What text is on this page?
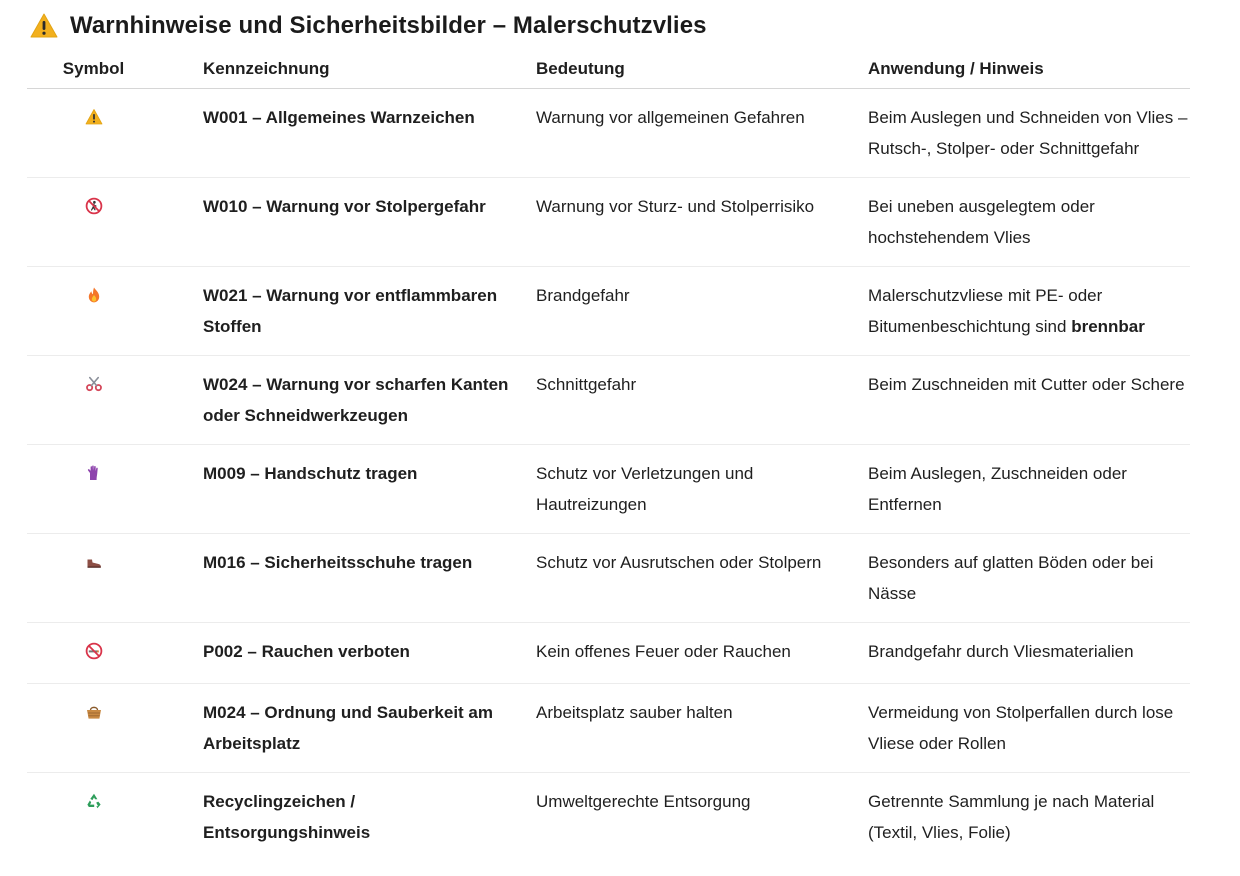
Warnhinweise und Sicherheitsbilder – Malerschutzvlies
Symbol	Kennzeichnung	Bedeutung	Anwendung / Hinweis

	W001 – Allgemeines Warnzeichen	Warnung vor allgemeinen Gefahren	Beim Auslegen und Schneiden von Vlies – Rutsch-, Stolper- oder Schnittgefahr

	W010 – Warnung vor Stolpergefahr	Warnung vor Sturz- und Stolperrisiko	Bei uneben ausgelegtem oder hochstehendem Vlies

	W021 – Warnung vor entflammbaren Stoffen	Brandgefahr	Malerschutzvliese mit PE- oder Bitumenbeschichtung sind brennbar

	W024 – Warnung vor scharfen Kanten oder Schneidwerkzeugen	Schnittgefahr	Beim Zuschneiden mit Cutter oder Schere

	M009 – Handschutz tragen	Schutz vor Verletzungen und Hautreizungen	Beim Auslegen, Zuschneiden oder Entfernen

	M016 – Sicherheitsschuhe tragen	Schutz vor Ausrutschen oder Stolpern	Besonders auf glatten Böden oder bei Nässe

	P002 – Rauchen verboten	Kein offenes Feuer oder Rauchen	Brandgefahr durch Vliesmaterialien

	M024 – Ordnung und Sauberkeit am Arbeitsplatz	Arbeitsplatz sauber halten	Vermeidung von Stolperfallen durch lose Vliese oder Rollen

	Recyclingzeichen / Entsorgungshinweis	Umweltgerechte Entsorgung	Getrennte Sammlung je nach Material (Textil, Vlies, Folie)
